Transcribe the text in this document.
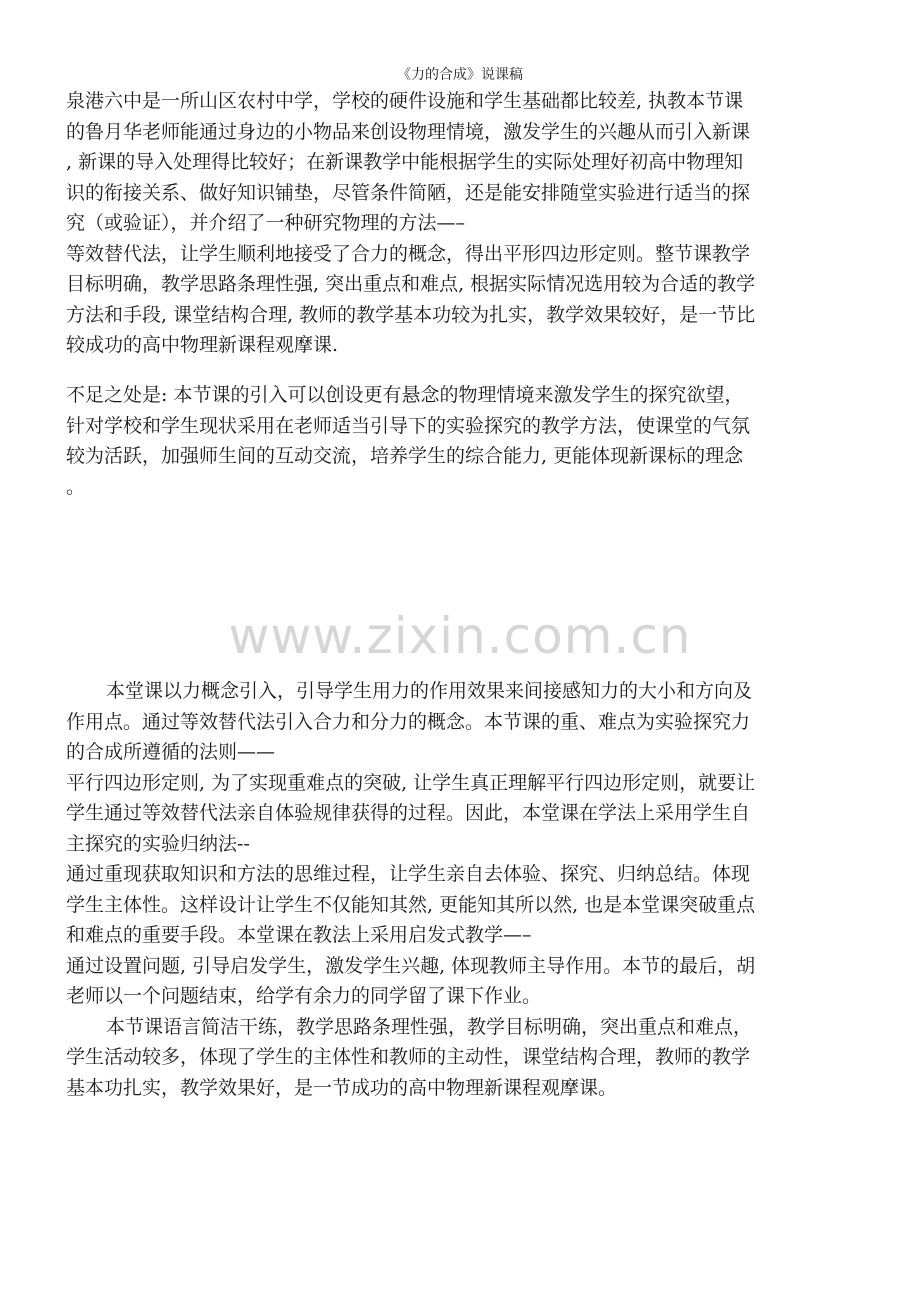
《力的合成》说课稿
泉港六中是一所山区农村中学，学校的硬件设施和学生基础都比较差, 执教本节课
的鲁月华老师能通过身边的小物品来创设物理情境，激发学生的兴趣从而引入新课
, 新课的导入处理得比较好；在新课教学中能根据学生的实际处理好初高中物理知
识的衔接关系、做好知识铺垫，尽管条件简陋，还是能安排随堂实验进行适当的探
究（或验证），并介绍了一种研究物理的方法—–
等效替代法，让学生顺利地接受了合力的概念，得出平形四边形定则。整节课教学
目标明确，教学思路条理性强, 突出重点和难点, 根据实际情况选用较为合适的教学
方法和手段, 课堂结构合理, 教师的教学基本功较为扎实，教学效果较好，是一节比
较成功的高中物理新课程观摩课.
不足之处是: 本节课的引入可以创设更有悬念的物理情境来激发学生的探究欲望，
针对学校和学生现状采用在老师适当引导下的实验探究的教学方法，使课堂的气氛
较为活跃，加强师生间的互动交流，培养学生的综合能力, 更能体现新课标的理念
。
www.zixin.com.cn
本堂课以力概念引入，引导学生用力的作用效果来间接感知力的大小和方向及
作用点。通过等效替代法引入合力和分力的概念。本节课的重、难点为实验探究力
的合成所遵循的法则——
平行四边形定则, 为了实现重难点的突破, 让学生真正理解平行四边形定则，就要让
学生通过等效替代法亲自体验规律获得的过程。因此，本堂课在学法上采用学生自
主探究的实验归纳法--
通过重现获取知识和方法的思维过程，让学生亲自去体验、探究、归纳总结。体现
学生主体性。这样设计让学生不仅能知其然, 更能知其所以然, 也是本堂课突破重点
和难点的重要手段。本堂课在教法上采用启发式教学—–
通过设置问题, 引导启发学生，激发学生兴趣, 体现教师主导作用。本节的最后，胡
老师以一个问题结束，给学有余力的同学留了课下作业。
本节课语言简洁干练，教学思路条理性强，教学目标明确，突出重点和难点，
学生活动较多，体现了学生的主体性和教师的主动性，课堂结构合理，教师的教学
基本功扎实，教学效果好，是一节成功的高中物理新课程观摩课。
